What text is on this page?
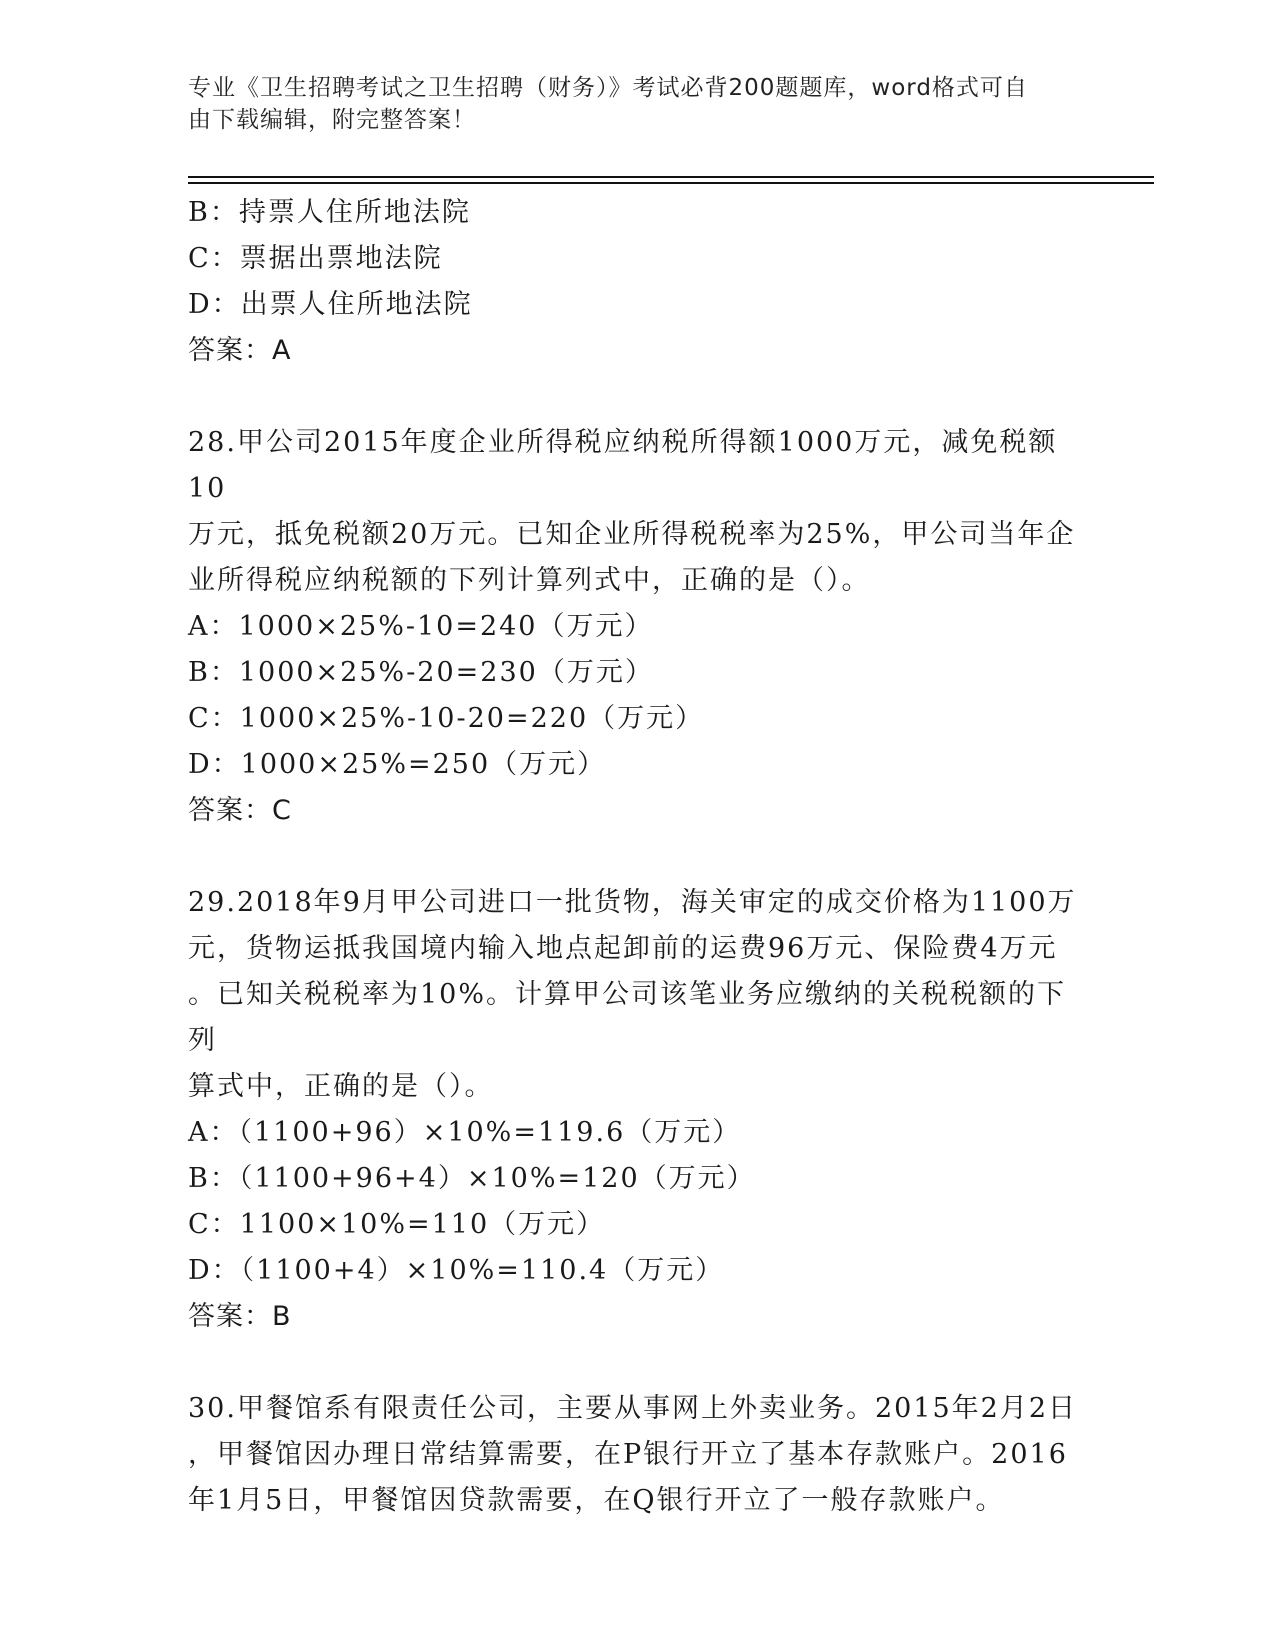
专业《卫生招聘考试之卫生招聘（财务）》考试必背200题题库，word格式可自
由下载编辑，附完整答案！
B：持票人住所地法院
C：票据出票地法院
D：出票人住所地法院
答案：A
28.甲公司2015年度企业所得税应纳税所得额1000万元，减免税额10
万元，抵免税额20万元。已知企业所得税税率为25%，甲公司当年企
业所得税应纳税额的下列计算列式中，正确的是（）。
A：1000×25%-10=240（万元）
B：1000×25%-20=230（万元）
C：1000×25%-10-20=220（万元）
D：1000×25%=250（万元）
答案：C
29.2018年9月甲公司进口一批货物，海关审定的成交价格为1100万
元，货物运抵我国境内输入地点起卸前的运费96万元、保险费4万元
。已知关税税率为10%。计算甲公司该笔业务应缴纳的关税税额的下列
算式中，正确的是（）。
A：（1100+96）×10%=119.6（万元）
B：（1100+96+4）×10%=120（万元）
C：1100×10%=110（万元）
D：（1100+4）×10%=110.4（万元）
答案：B
30.甲餐馆系有限责任公司，主要从事网上外卖业务。2015年2月2日
，甲餐馆因办理日常结算需要，在P银行开立了基本存款账户。2016
年1月5日，甲餐馆因贷款需要，在Q银行开立了一般存款账户。
